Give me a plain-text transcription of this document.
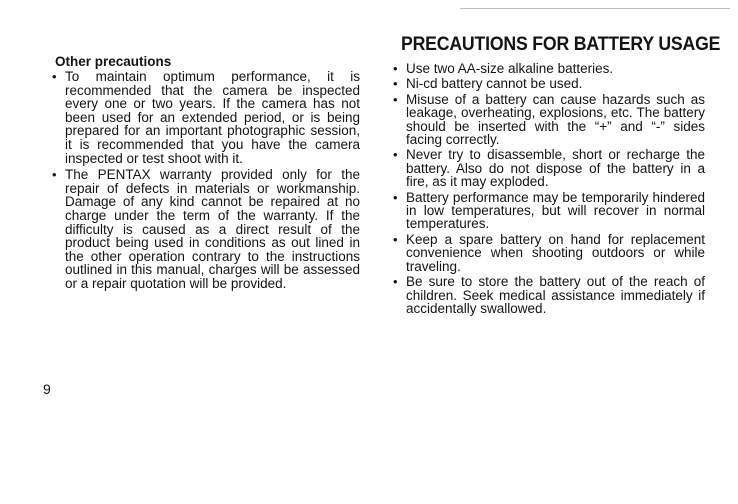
Other precautions
• To maintain optimum performance, it is recommended that the camera be inspected every one or two years. If the camera has not been used for an extended period, or is being prepared for an important photographic session, it is recommended that you have the camera inspected or test shoot with it.
• The PENTAX warranty provided only for the repair of defects in materials or workmanship. Damage of any kind cannot be repaired at no charge under the term of the warranty. If the difficulty is caused as a direct result of the product being used in conditions as out lined in the other operation contrary to the instructions outlined in this manual, charges will be assessed or a repair quotation will be provided.
PRECAUTIONS FOR BATTERY USAGE
• Use two AA-size alkaline batteries.
• Ni-cd battery cannot be used.
• Misuse of a battery can cause hazards such as leakage, overheating, explosions, etc. The battery should be inserted with the “+” and “-” sides facing correctly.
• Never try to disassemble, short or recharge the battery. Also do not dispose of the battery in a fire, as it may exploded.
• Battery performance may be temporarily hindered in low temperatures, but will recover in normal temperatures.
• Keep a spare battery on hand for replacement convenience when shooting outdoors or while traveling.
• Be sure to store the battery out of the reach of children. Seek medical assistance immediately if accidentally swallowed.
9
